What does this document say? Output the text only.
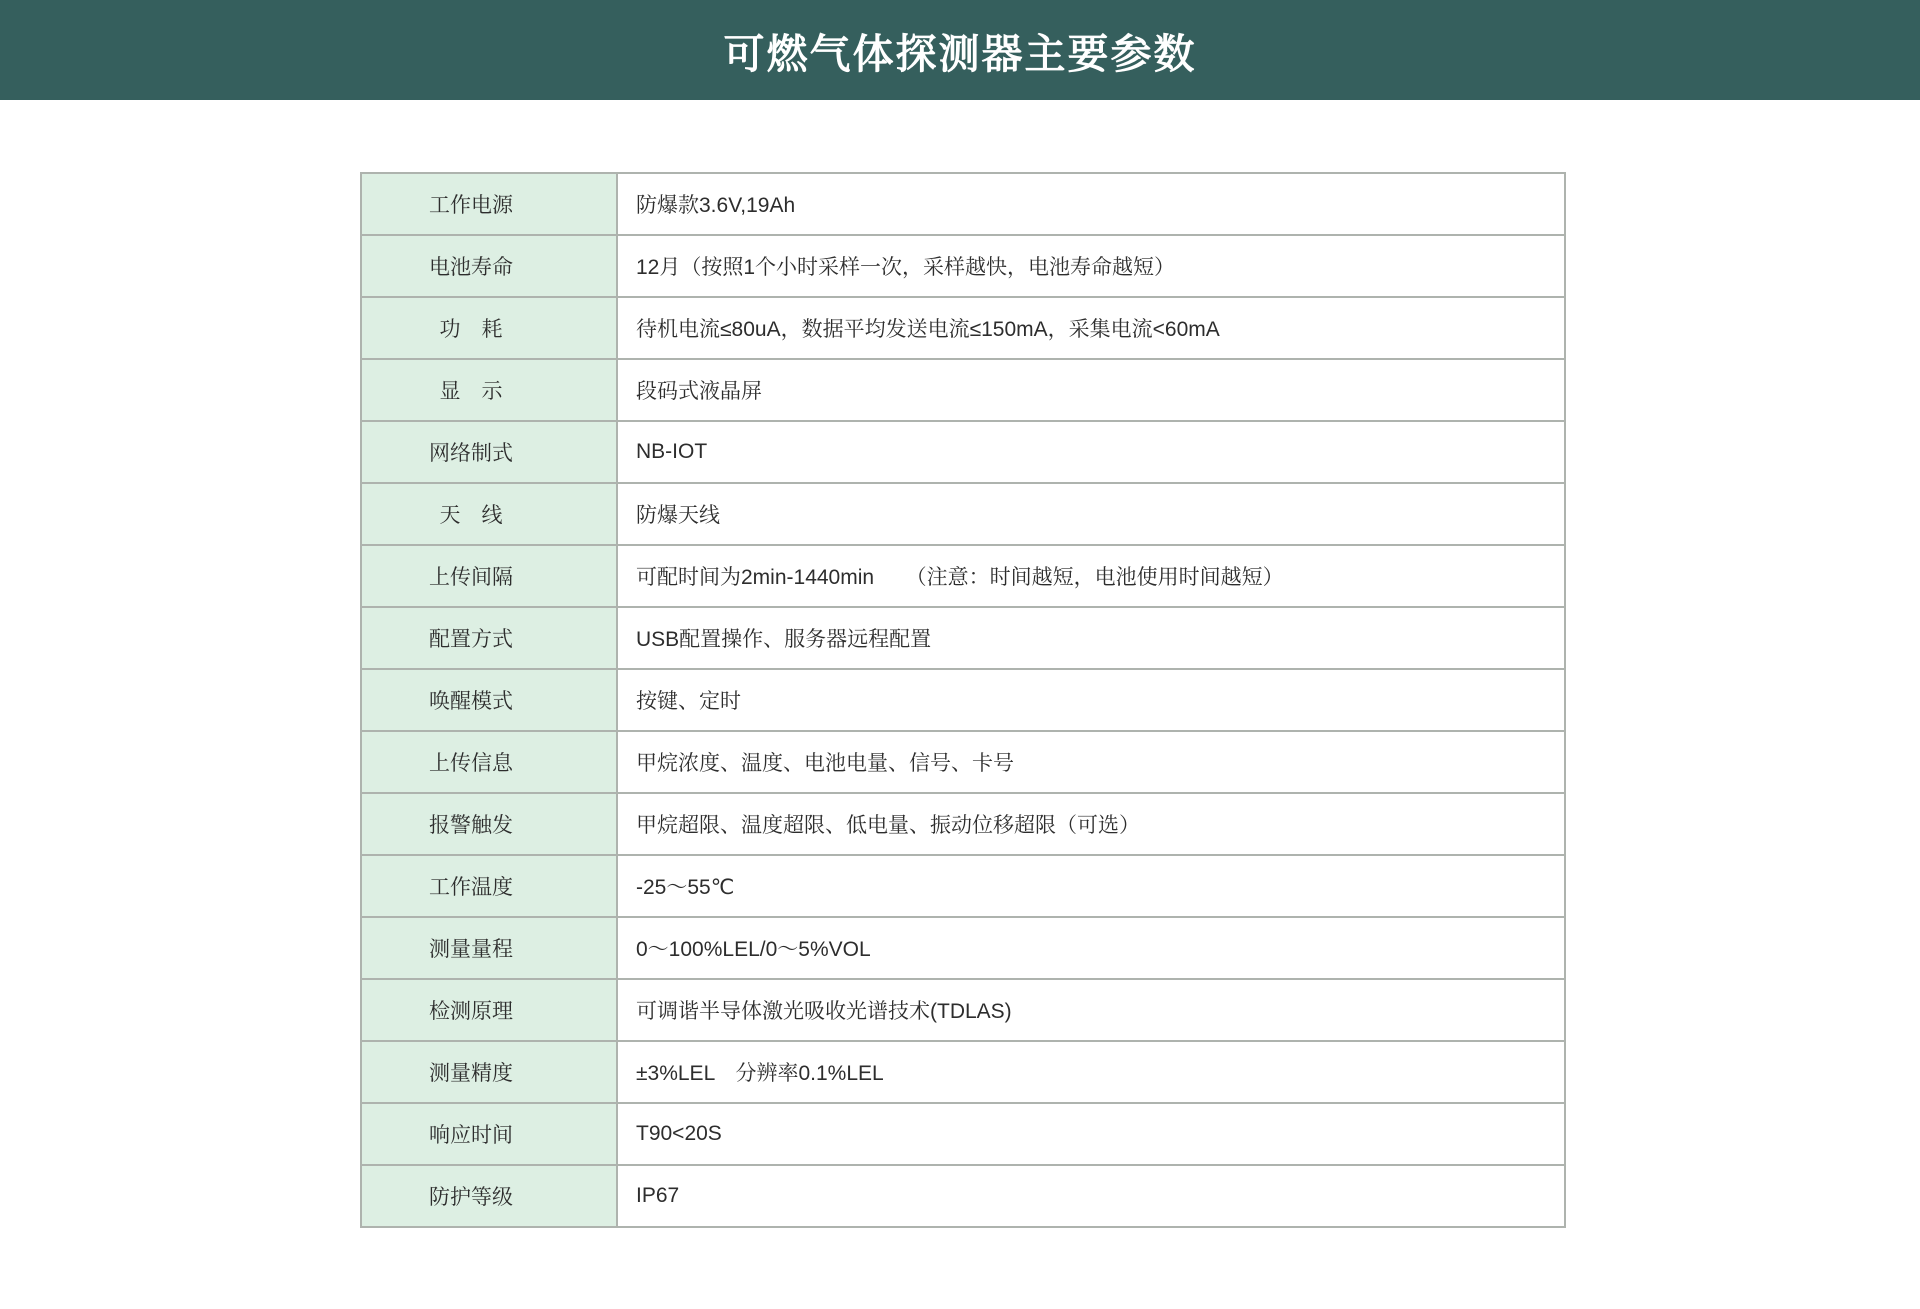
可燃气体探测器主要参数
工作电源	防爆款3.6V,19Ah
电池寿命	12月（按照1个小时采样一次，采样越快，电池寿命越短）
功　耗	待机电流≤80uA，数据平均发送电流≤150mA，采集电流<60mA
显　示	段码式液晶屏
网络制式	NB-IOT
天　线	防爆天线
上传间隔	可配时间为2min-1440min　　（注意：时间越短，电池使用时间越短）
配置方式	USB配置操作、服务器远程配置
唤醒模式	按键、定时
上传信息	甲烷浓度、温度、电池电量、信号、卡号
报警触发	甲烷超限、温度超限、低电量、振动位移超限（可选）
工作温度	-25～55℃
测量量程	0～100%LEL/0～5%VOL
检测原理	可调谐半导体激光吸收光谱技术(TDLAS)
测量精度	±3%LEL　分辨率0.1%LEL
响应时间	T90<20S
防护等级	IP67
